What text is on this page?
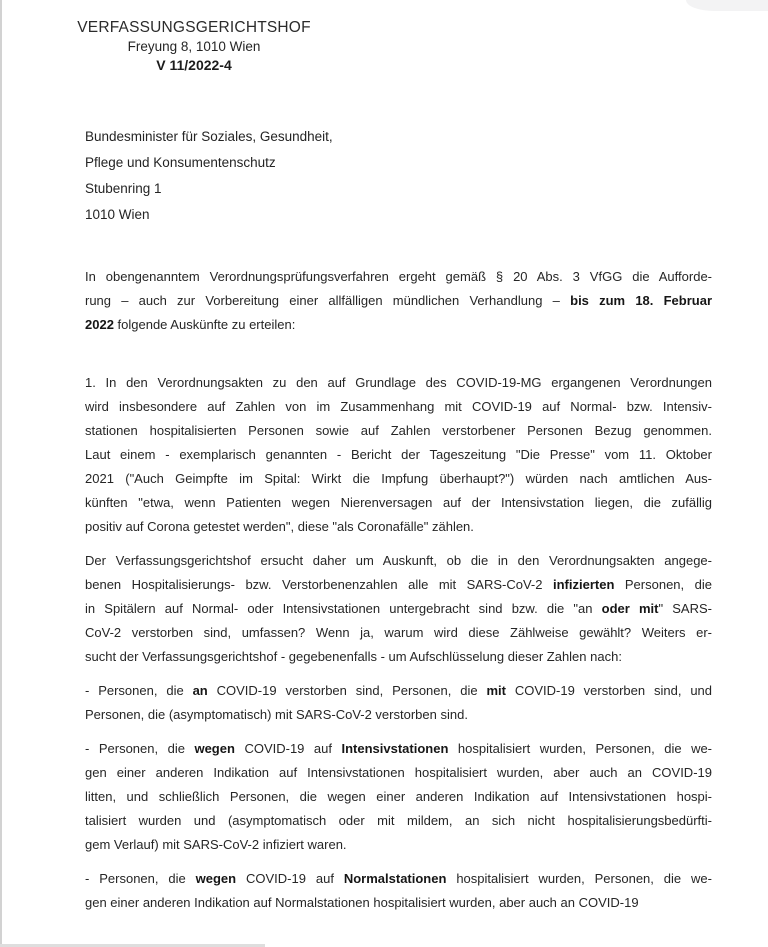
VERFASSUNGSGERICHTSHOF
Freyung 8, 1010 Wien
V 11/2022-4
Bundesminister für Soziales, Gesundheit,
Pflege und Konsumentenschutz
Stubenring 1
1010 Wien
In obengenanntem Verordnungsprüfungsverfahren ergeht gemäß § 20 Abs. 3 VfGG die Aufforde-
rung – auch zur Vorbereitung einer allfälligen mündlichen Verhandlung – bis zum 18. Februar
2022 folgende Auskünfte zu erteilen:
1. In den Verordnungsakten zu den auf Grundlage des COVID-19-MG ergangenen Verordnungen
wird insbesondere auf Zahlen von im Zusammenhang mit COVID-19 auf Normal- bzw. Intensiv-
stationen hospitalisierten Personen sowie auf Zahlen verstorbener Personen Bezug genommen.
Laut einem - exemplarisch genannten - Bericht der Tageszeitung "Die Presse" vom 11. Oktober
2021 ("Auch Geimpfte im Spital: Wirkt die Impfung überhaupt?") würden nach amtlichen Aus-
künften "etwa, wenn Patienten wegen Nierenversagen auf der Intensivstation liegen, die zufällig
positiv auf Corona getestet werden", diese "als Coronafälle" zählen.
Der Verfassungsgerichtshof ersucht daher um Auskunft, ob die in den Verordnungsakten angege-
benen Hospitalisierungs- bzw. Verstorbenenzahlen alle mit SARS-CoV-2 infizierten Personen, die
in Spitälern auf Normal- oder Intensivstationen untergebracht sind bzw. die "an oder mit" SARS-
CoV-2 verstorben sind, umfassen? Wenn ja, warum wird diese Zählweise gewählt? Weiters er-
sucht der Verfassungsgerichtshof - gegebenenfalls - um Aufschlüsselung dieser Zahlen nach:
- Personen, die an COVID-19 verstorben sind, Personen, die mit COVID-19 verstorben sind, und
Personen, die (asymptomatisch) mit SARS-CoV-2 verstorben sind.
- Personen, die wegen COVID-19 auf Intensivstationen hospitalisiert wurden, Personen, die we-
gen einer anderen Indikation auf Intensivstationen hospitalisiert wurden, aber auch an COVID-19
litten, und schließlich Personen, die wegen einer anderen Indikation auf Intensivstationen hospi-
talisiert wurden und (asymptomatisch oder mit mildem, an sich nicht hospitalisierungsbedürfti-
gem Verlauf) mit SARS-CoV-2 infiziert waren.
- Personen, die wegen COVID-19 auf Normalstationen hospitalisiert wurden, Personen, die we-
gen einer anderen Indikation auf Normalstationen hospitalisiert wurden, aber auch an COVID-19
